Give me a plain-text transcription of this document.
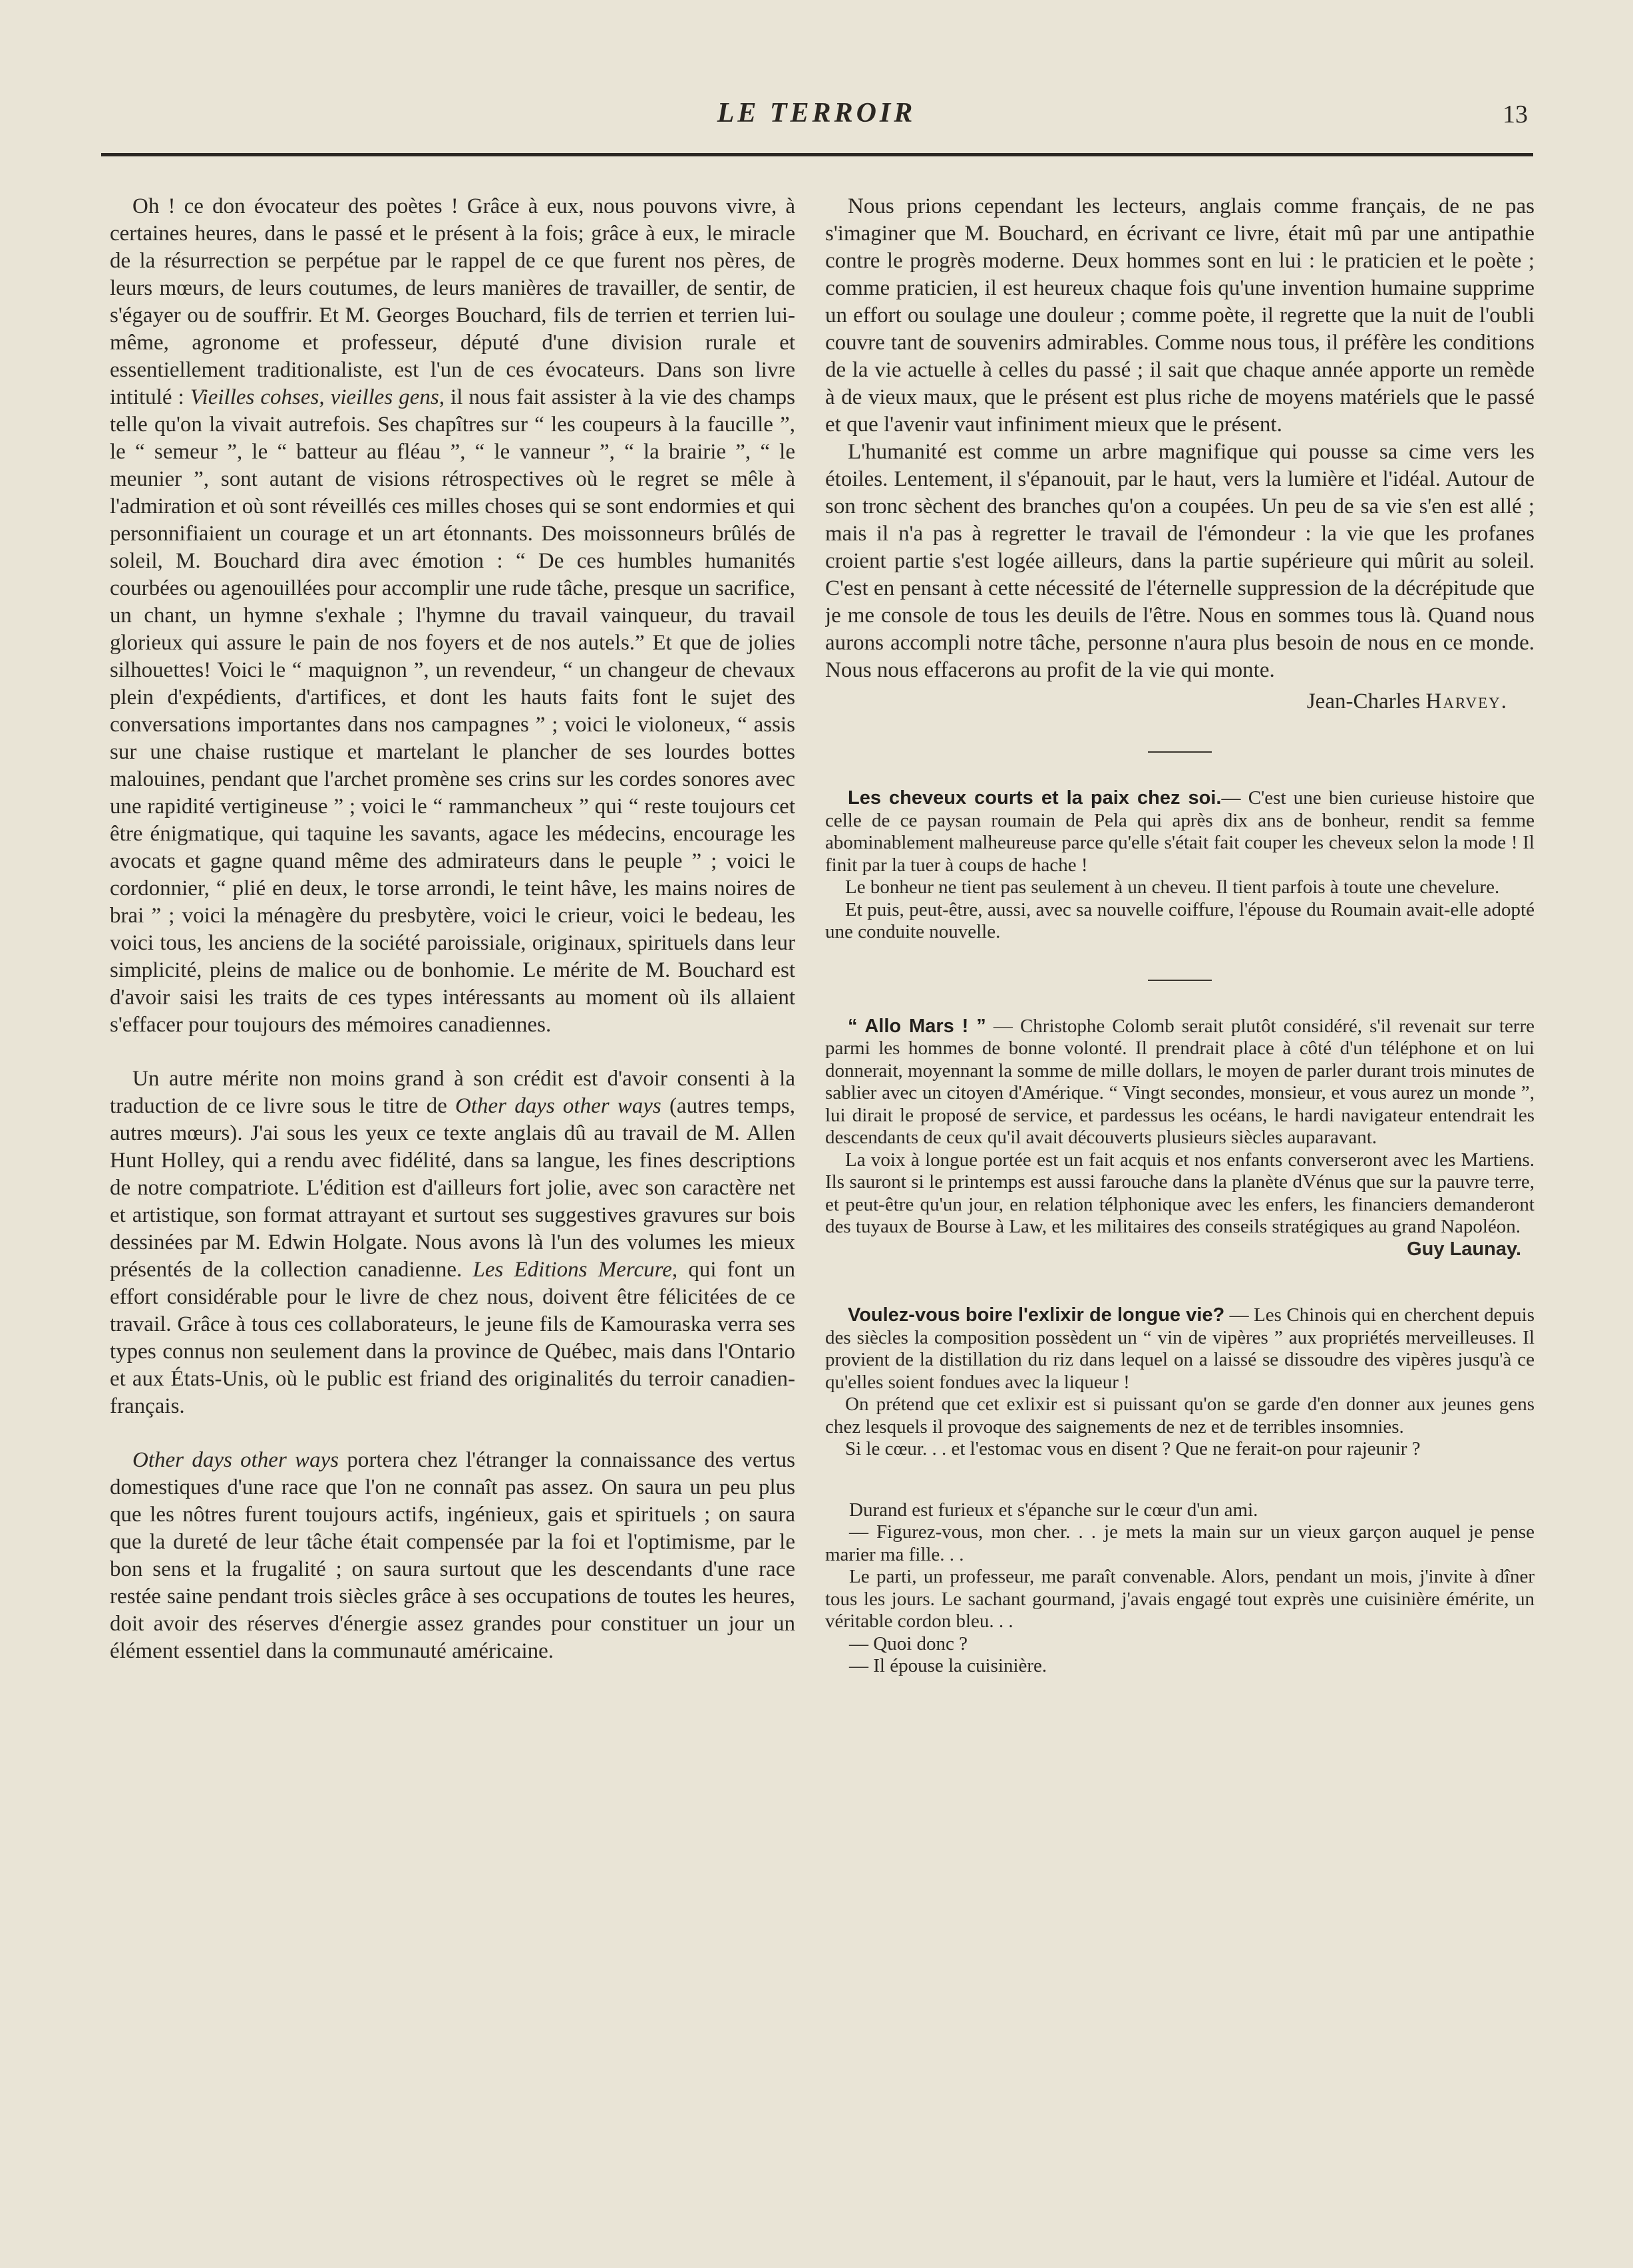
LE TERROIR	13

Oh ! ce don évocateur des poètes ! Grâce à eux, nous pouvons vivre, à certaines heures, dans le passé et le présent à la fois; grâce à eux, le miracle de la résurrection se perpétue par le rappel de ce que furent nos pères, de leurs mœurs, de leurs coutumes, de leurs manières de travailler, de sentir, de s'égayer ou de souffrir. Et M. Georges Bouchard, fils de terrien et terrien lui-même, agronome et professeur, député d'une division rurale et essentiellement traditionaliste, est l'un de ces évocateurs. Dans son livre intitulé : Vieilles cohses, vieilles gens, il nous fait assister à la vie des champs telle qu'on la vivait autrefois. Ses chapîtres sur “ les coupeurs à la faucille ”, le “ semeur ”, le “ batteur au fléau ”, “ le vanneur ”, “ la brairie ”, “ le meunier ”, sont autant de visions rétrospectives où le regret se mêle à l'admiration et où sont réveillés ces milles choses qui se sont endormies et qui personnifiaient un courage et un art étonnants. Des moissonneurs brûlés de soleil, M. Bouchard dira avec émotion : “ De ces humbles humanités courbées ou agenouillées pour accomplir une rude tâche, presque un sacrifice, un chant, un hymne s'exhale ; l'hymne du travail vainqueur, du travail glorieux qui assure le pain de nos foyers et de nos autels.” Et que de jolies silhouettes! Voici le “ maquignon ”, un revendeur, “ un changeur de chevaux plein d'expédients, d'artifices, et dont les hauts faits font le sujet des conversations importantes dans nos campagnes ” ; voici le violoneux, “ assis sur une chaise rustique et martelant le plancher de ses lourdes bottes malouines, pendant que l'archet promène ses crins sur les cordes sonores avec une rapidité vertigineuse ” ; voici le “ rammancheux ” qui “ reste toujours cet être énigmatique, qui taquine les savants, agace les médecins, encourage les avocats et gagne quand même des admirateurs dans le peuple ” ; voici le cordonnier, “ plié en deux, le torse arrondi, le teint hâve, les mains noires de brai ” ; voici la ménagère du presbytère, voici le crieur, voici le bedeau, les voici tous, les anciens de la société paroissiale, originaux, spirituels dans leur simplicité, pleins de malice ou de bonhomie. Le mérite de M. Bouchard est d'avoir saisi les traits de ces types intéressants au moment où ils allaient s'effacer pour toujours des mémoires canadiennes.

Un autre mérite non moins grand à son crédit est d'avoir consenti à la traduction de ce livre sous le titre de Other days other ways (autres temps, autres mœurs). J'ai sous les yeux ce texte anglais dû au travail de M. Allen Hunt Holley, qui a rendu avec fidélité, dans sa langue, les fines descriptions de notre compatriote. L'édition est d'ailleurs fort jolie, avec son caractère net et artistique, son format attrayant et surtout ses suggestives gravures sur bois dessinées par M. Edwin Holgate. Nous avons là l'un des volumes les mieux présentés de la collection canadienne. Les Editions Mercure, qui font un effort considérable pour le livre de chez nous, doivent être félicitées de ce travail. Grâce à tous ces collaborateurs, le jeune fils de Kamouraska verra ses types connus non seulement dans la province de Québec, mais dans l'Ontario et aux États-Unis, où le public est friand des originalités du terroir canadien-français.

Other days other ways portera chez l'étranger la connaissance des vertus domestiques d'une race que l'on ne connaît pas assez. On saura un peu plus que les nôtres furent toujours actifs, ingénieux, gais et spirituels ; on saura que la dureté de leur tâche était compensée par la foi et l'optimisme, par le bon sens et la frugalité ; on saura surtout que les descendants d'une race restée saine pendant trois siècles grâce à ses occupations de toutes les heures, doit avoir des réserves d'énergie assez grandes pour constituer un jour un élément essentiel dans la communauté américaine.

Nous prions cependant les lecteurs, anglais comme français, de ne pas s'imaginer que M. Bouchard, en écrivant ce livre, était mû par une antipathie contre le progrès moderne. Deux hommes sont en lui : le praticien et le poète ; comme praticien, il est heureux chaque fois qu'une invention humaine supprime un effort ou soulage une douleur ; comme poète, il regrette que la nuit de l'oubli couvre tant de souvenirs admirables. Comme nous tous, il préfère les conditions de la vie actuelle à celles du passé ; il sait que chaque année apporte un remède à de vieux maux, que le présent est plus riche de moyens matériels que le passé et que l'avenir vaut infiniment mieux que le présent.

L'humanité est comme un arbre magnifique qui pousse sa cime vers les étoiles. Lentement, il s'épanouit, par le haut, vers la lumière et l'idéal. Autour de son tronc sèchent des branches qu'on a coupées. Un peu de sa vie s'en est allé ; mais il n'a pas à regretter le travail de l'émondeur : la vie que les profanes croient partie s'est logée ailleurs, dans la partie supérieure qui mûrit au soleil. C'est en pensant à cette nécessité de l'éternelle suppression de la décrépitude que je me console de tous les deuils de l'être. Nous en sommes tous là. Quand nous aurons accompli notre tâche, personne n'aura plus besoin de nous en ce monde. Nous nous effacerons au profit de la vie qui monte.

Jean-Charles Harvey.

Les cheveux courts et la paix chez soi.— C'est une bien curieuse histoire que celle de ce paysan roumain de Pela qui après dix ans de bonheur, rendit sa femme abominablement malheureuse parce qu'elle s'était fait couper les cheveux selon la mode ! Il finit par la tuer à coups de hache !

Le bonheur ne tient pas seulement à un cheveu. Il tient parfois à toute une chevelure.

Et puis, peut-être, aussi, avec sa nouvelle coiffure, l'épouse du Roumain avait-elle adopté une conduite nouvelle.

“ Allo Mars ! ” — Christophe Colomb serait plutôt considéré, s'il revenait sur terre parmi les hommes de bonne volonté. Il prendrait place à côté d'un téléphone et on lui donnerait, moyennant la somme de mille dollars, le moyen de parler durant trois minutes de sablier avec un citoyen d'Amérique. “ Vingt secondes, monsieur, et vous aurez un monde ”, lui dirait le proposé de service, et pardessus les océans, le hardi navigateur entendrait les descendants de ceux qu'il avait découverts plusieurs siècles auparavant.

La voix à longue portée est un fait acquis et nos enfants converseront avec les Martiens. Ils sauront si le printemps est aussi farouche dans la planète dVénus que sur la pauvre terre, et peut-être qu'un jour, en relation télphonique avec les enfers, les financiers demanderont des tuyaux de Bourse à Law, et les militaires des conseils stratégiques au grand Napoléon.

Guy Launay.

Voulez-vous boire l'exlixir de longue vie? — Les Chinois qui en cherchent depuis des siècles la composition possèdent un “ vin de vipères ” aux propriétés merveilleuses. Il provient de la distillation du riz dans lequel on a laissé se dissoudre des vipères jusqu'à ce qu'elles soient fondues avec la liqueur !

On prétend que cet exlixir est si puissant qu'on se garde d'en donner aux jeunes gens chez lesquels il provoque des saignements de nez et de terribles insomnies.

Si le cœur. . . et l'estomac vous en disent ? Que ne ferait-on pour rajeunir ?

Durand est furieux et s'épanche sur le cœur d'un ami.

— Figurez-vous, mon cher. . . je mets la main sur un vieux garçon auquel je pense marier ma fille. . .

Le parti, un professeur, me paraît convenable. Alors, pendant un mois, j'invite à dîner tous les jours. Le sachant gourmand, j'avais engagé tout exprès une cuisinière émérite, un véritable cordon bleu. . .

— Quoi donc ?

— Il épouse la cuisinière.
